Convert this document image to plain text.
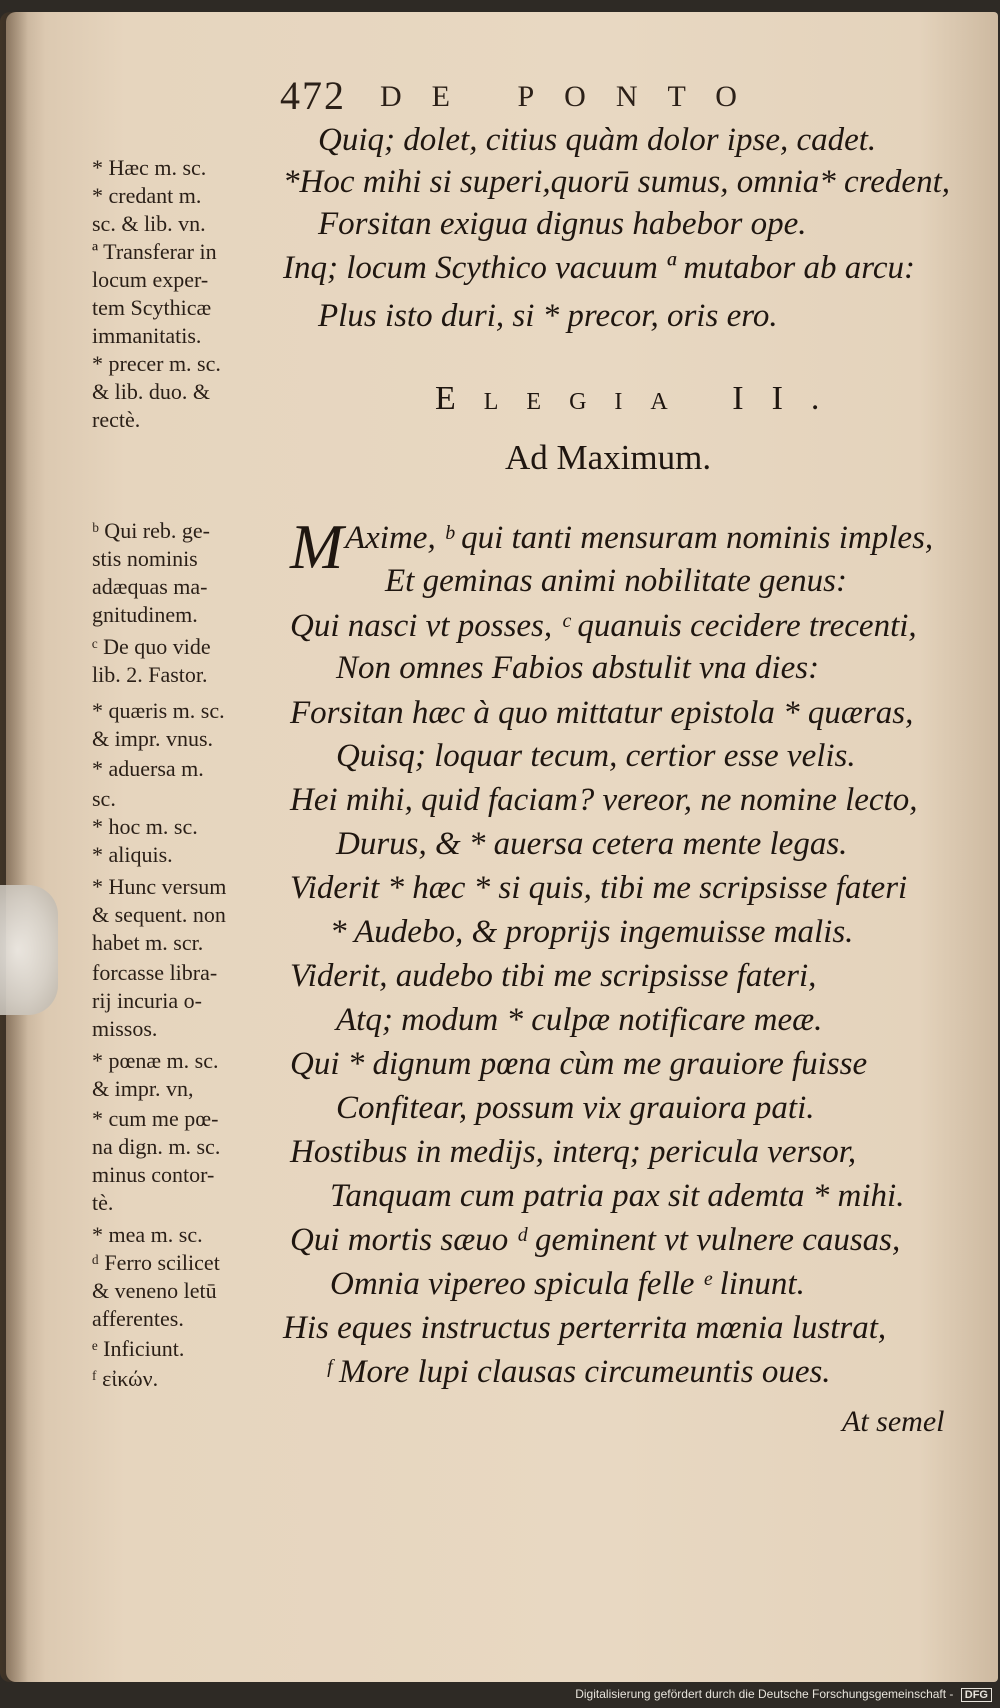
472 DE PONTO
Quiq; dolet, citius quàm dolor ipse, cadet.
*Hoc mihi si superi,quorū sumus, omnia* credent,
Forsitan exigua dignus habebor ope.
Inq; locum Scythico vacuum ª mutabor ab arcu:
Plus isto duri, si * precor, oris ero.
* Hæc m. sc.
* credant m.
sc. & lib. vn.
ª Transferar in
locum exper-
tem Scythicæ
immanitatis.
* precer m. sc.
& lib. duo. &
rectè.
Elegia II.
Ad Maximum.
M Axime, ᵇ qui tanti mensuram nominis imples,
Et geminas animi nobilitate genus:
Qui nasci vt posses, ᶜ quanuis cecidere trecenti,
Non omnes Fabios abstulit vna dies:
Forsitan hæc à quo mittatur epistola * quæras,
Quisq; loquar tecum, certior esse velis.
Hei mihi, quid faciam? vereor, ne nomine lecto,
Durus, & * auersa cetera mente legas.
Viderit * hæc * si quis, tibi me scripsisse fateri
* Audebo, & proprijs ingemuisse malis.
Viderit, audebo tibi me scripsisse fateri,
Atq; modum * culpæ notificare meæ.
Qui * dignum pœna cùm me grauiore fuisse
Confitear, possum vix grauiora pati.
Hostibus in medijs, interq; pericula versor,
Tanquam cum patria pax sit ademta * mihi.
Qui mortis sæuo ᵈ geminent vt vulnere causas,
Omnia vipereo spicula felle ᵉ linunt.
His eques instructus perterrita mœnia lustrat,
ᶠ More lupi clausas circumeuntis oues.
ᵇ Qui reb. ge-
stis nominis
adæquas ma-
gnitudinem.
ᶜ De quo vide
lib. 2. Fastor.
* quæris m. sc.
& impr. vnus.
* aduersa m.
sc.
* hoc m. sc.
* aliquis.
* Hunc versum
& sequent. non
habet m. scr.
forcasse libra-
rij incuria o-
missos.
* pœnæ m. sc.
& impr. vn,
* cum me pœ-
na dign. m. sc.
minus contor-
tè.
* mea m. sc.
ᵈ Ferro scilicet
& veneno letū
afferentes.
ᵉ Inficiunt.
ᶠ εἰκών.
At semel
Digitalisierung gefördert durch die Deutsche Forschungsgemeinschaft - DFG
